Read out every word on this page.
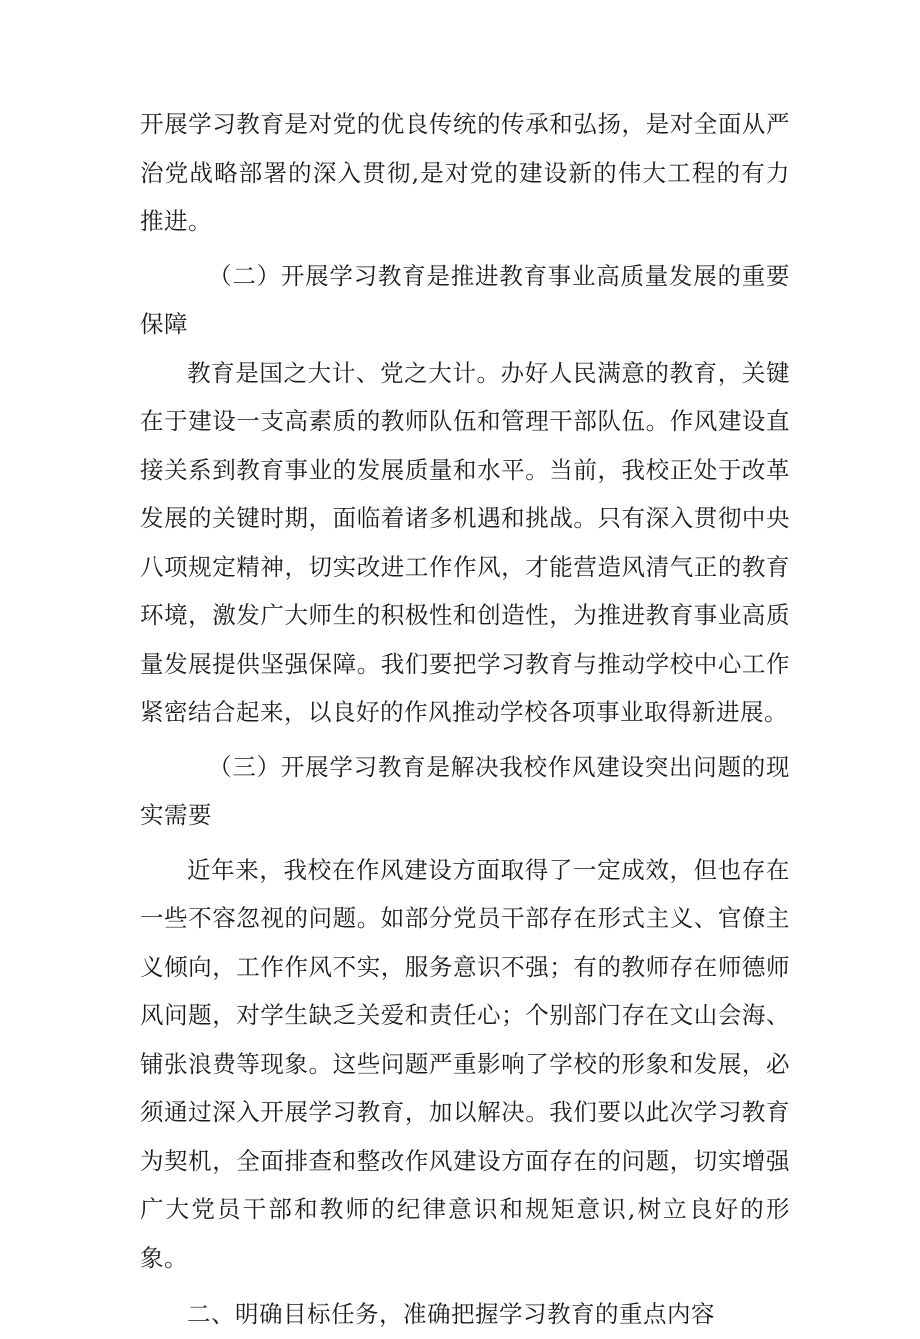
开展学习教育是对党的优良传统的传承和弘扬，是对全面从严治党战略部署的深入贯彻,是对党的建设新的伟大工程的有力推进。

（二）开展学习教育是推进教育事业高质量发展的重要保障

教育是国之大计、党之大计。办好人民满意的教育，关键在于建设一支高素质的教师队伍和管理干部队伍。作风建设直接关系到教育事业的发展质量和水平。当前，我校正处于改革发展的关键时期，面临着诸多机遇和挑战。只有深入贯彻中央八项规定精神，切实改进工作作风，才能营造风清气正的教育环境，激发广大师生的积极性和创造性，为推进教育事业高质量发展提供坚强保障。我们要把学习教育与推动学校中心工作紧密结合起来，以良好的作风推动学校各项事业取得新进展。

（三）开展学习教育是解决我校作风建设突出问题的现实需要

近年来，我校在作风建设方面取得了一定成效，但也存在一些不容忽视的问题。如部分党员干部存在形式主义、官僚主义倾向，工作作风不实，服务意识不强；有的教师存在师德师风问题，对学生缺乏关爱和责任心；个别部门存在文山会海、铺张浪费等现象。这些问题严重影响了学校的形象和发展，必须通过深入开展学习教育，加以解决。我们要以此次学习教育为契机，全面排查和整改作风建设方面存在的问题，切实增强广大党员干部和教师的纪律意识和规矩意识,树立良好的形象。

二、明确目标任务，准确把握学习教育的重点内容
